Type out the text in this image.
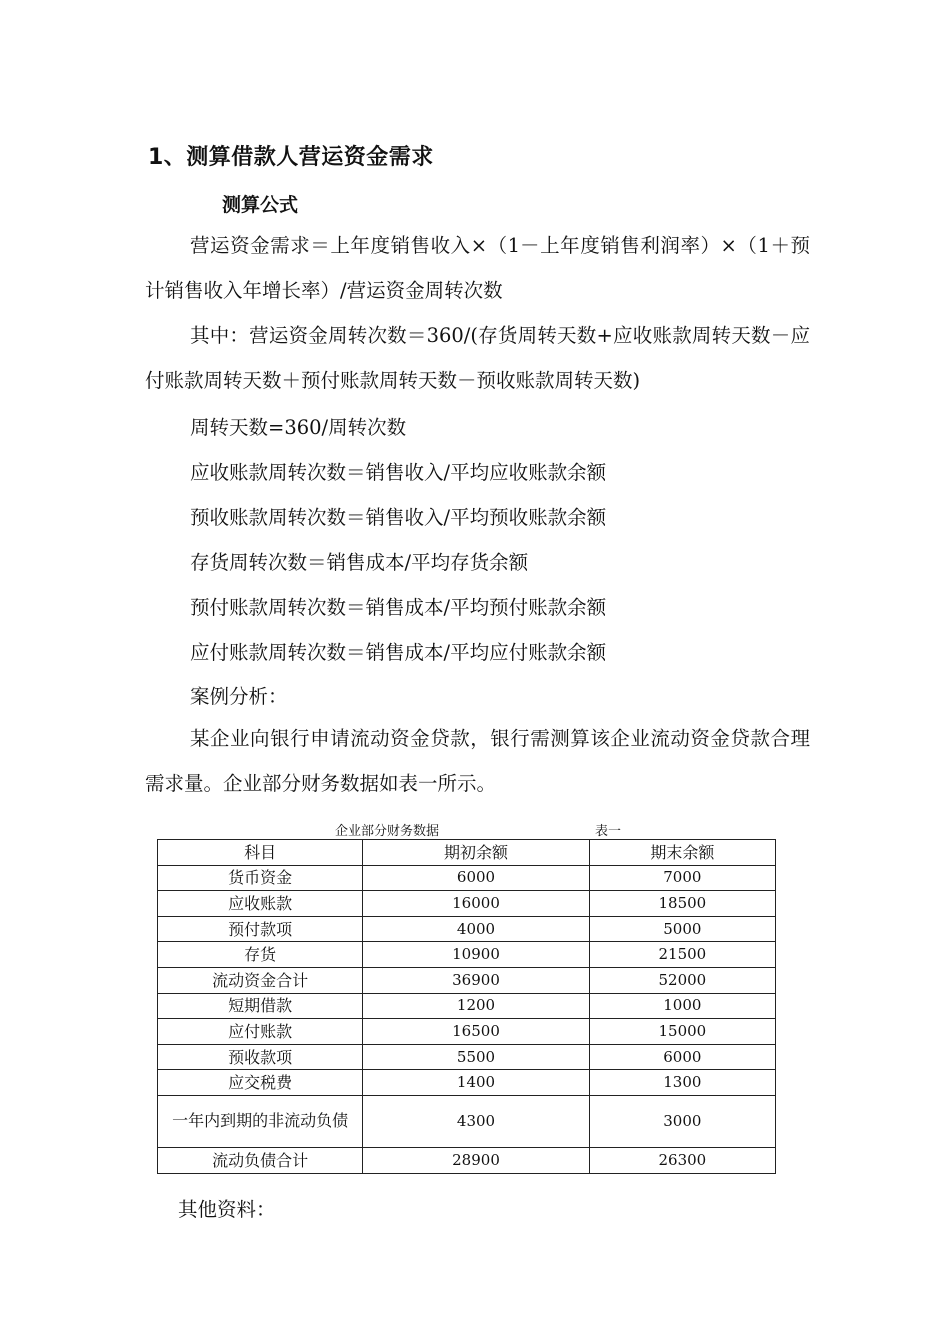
1、测算借款人营运资金需求
测算公式

营运资金需求＝上年度销售收入×（1－上年度销售利润率）×（1＋预计销售收入年增长率）/营运资金周转次数

其中：营运资金周转次数＝360/(存货周转天数+应收账款周转天数－应付账款周转天数＋预付账款周转天数－预收账款周转天数)

周转天数=360/周转次数

应收账款周转次数＝销售收入/平均应收账款余额

预收账款周转次数＝销售收入/平均预收账款余额

存货周转次数＝销售成本/平均存货余额

预付账款周转次数＝销售成本/平均预付账款余额

应付账款周转次数＝销售成本/平均应付账款余额

案例分析：

某企业向银行申请流动资金贷款，银行需测算该企业流动资金贷款合理需求量。企业部分财务数据如表一所示。

企业部分财务数据	表一
科目	期初余额	期末余额
货币资金	6000	7000
应收账款	16000	18500
预付款项	4000	5000
存货	10900	21500
流动资金合计	36900	52000
短期借款	1200	1000
应付账款	16500	15000
预收款项	5500	6000
应交税费	1400	1300
一年内到期的非流动负债	4300	3000
流动负债合计	28900	26300
其他资料：
